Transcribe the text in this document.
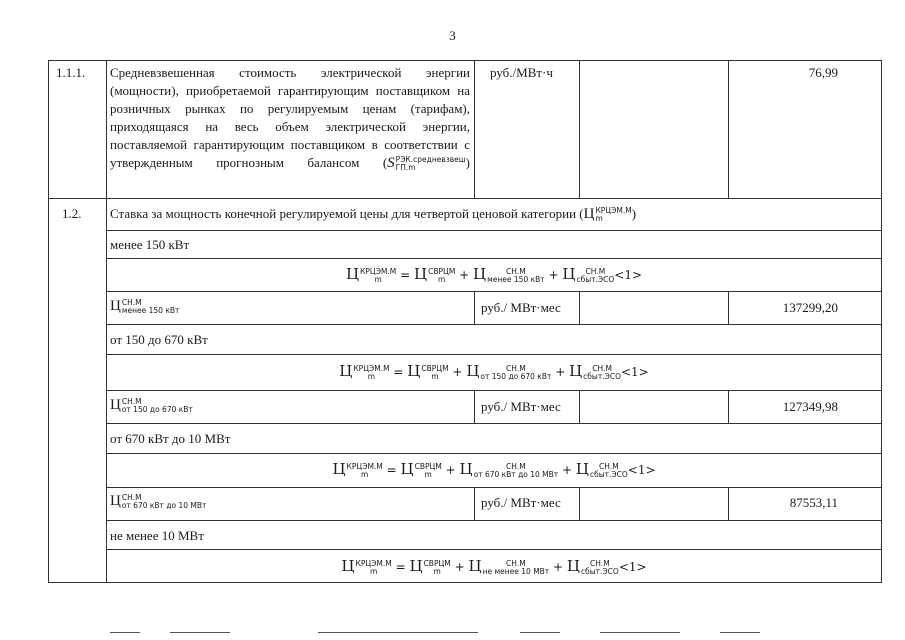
3
1.1.1. Средневзвешенная стоимость электрической энергии (мощности), приобретаемой гарантирующим поставщиком на розничных рынках по регулируемым ценам (тарифам), приходящаяся на весь объем электрической энергии, поставляемой гарантирующим поставщиком в соответствии с утвержденным прогнозным балансом (S РЭК.средневзвеш
ГП.m	)
руб./МВт·ч	76,99
1.2. Ставка за мощность конечной регулируемой цены для четвертой ценовой категории (Ц КРЦЭМ.М
m	)
менее 150 кВт
Ц КРЦЭМ.М
m	= Ц СВРЦМ
m	+ Ц	СН.М
менее 150 кВт + Ц	СН.М
сбыт.ЭСО <1>
Ц СН.М
менее 150 кВт	руб./ МВт·мес	137299,20
от 150 до 670 кВт
Ц КРЦЭМ.М
m	= Ц СВРЦМ
m	+ Ц	СН.М
от 150 до 670 кВт + Ц	СН.М
сбыт.ЭСО <1>
Ц СН.М
от 150 до 670 кВт	руб./ МВт·мес	127349,98
от 670 кВт до 10 МВт
Ц КРЦЭМ.М
m	= Ц СВРЦМ
m	+ Ц	СН.М
от 670 кВт до 10 МВт + Ц	СН.М
сбыт.ЭСО <1>
Ц СН.М
от 670 кВт до 10 МВт	руб./ МВт·мес	87553,11
не менее 10 МВт
Ц КРЦЭМ.М
m	= Ц СВРЦМ
m	+ Ц	СН.М
не менее 10 МВт + Ц	СН.М
сбыт.ЭСО <1>
